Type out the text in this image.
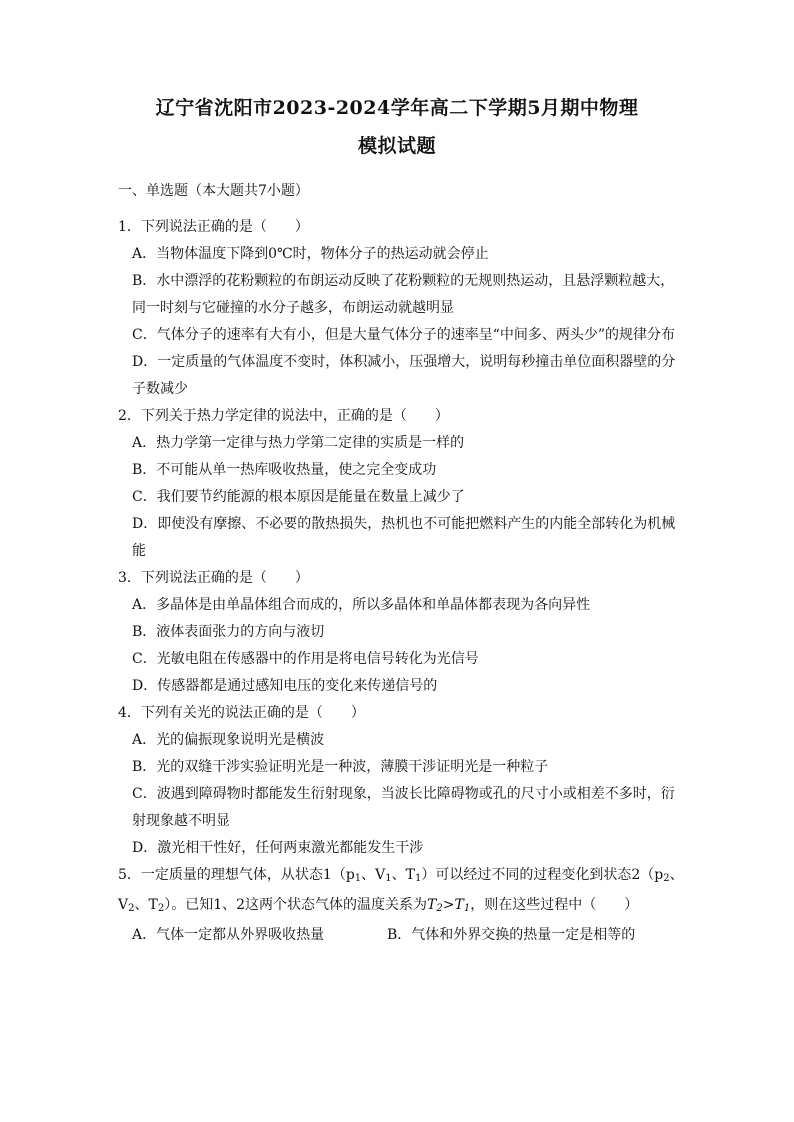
辽宁省沈阳市2023-2024学年高二下学期5月期中物理
模拟试题
一、单选题（本大题共7小题）

1．下列说法正确的是（　　）

A．当物体温度下降到0℃时，物体分子的热运动就会停止

B．水中漂浮的花粉颗粒的布朗运动反映了花粉颗粒的无规则热运动，且悬浮颗粒越大，同一时刻与它碰撞的水分子越多，布朗运动就越明显

C．气体分子的速率有大有小，但是大量气体分子的速率呈“中间多、两头少”的规律分布

D．一定质量的气体温度不变时，体积减小，压强增大，说明每秒撞击单位面积器壁的分子数减少

2．下列关于热力学定律的说法中，正确的是（　　）

A．热力学第一定律与热力学第二定律的实质是一样的

B．不可能从单一热库吸收热量，使之完全变成功

C．我们要节约能源的根本原因是能量在数量上减少了

D．即使没有摩擦、不必要的散热损失，热机也不可能把燃料产生的内能全部转化为机械能

3．下列说法正确的是（　　）

A．多晶体是由单晶体组合而成的，所以多晶体和单晶体都表现为各向异性

B．液体表面张力的方向与液切

C．光敏电阻在传感器中的作用是将电信号转化为光信号

D．传感器都是通过感知电压的变化来传递信号的

4．下列有关光的说法正确的是（　　）

A．光的偏振现象说明光是横波

B．光的双缝干涉实验证明光是一种波，薄膜干涉证明光是一种粒子

C．波遇到障碍物时都能发生衍射现象，当波长比障碍物或孔的尺寸小或相差不多时，衍射现象越不明显

D．激光相干性好，任何两束激光都能发生干涉

5．一定质量的理想气体，从状态$1(p_1$、$V_1$、$T_1$）可以经过不同的过程变化到状态$2(p_2$、$V_2$、$T_2$）。已知1、2这两个状态气体的温度关系为$T_2>T_1$，则在这些过程中（　　）

A．气体一定都从外界吸收热量	B．气体和外界交换的热量一定是相等的
